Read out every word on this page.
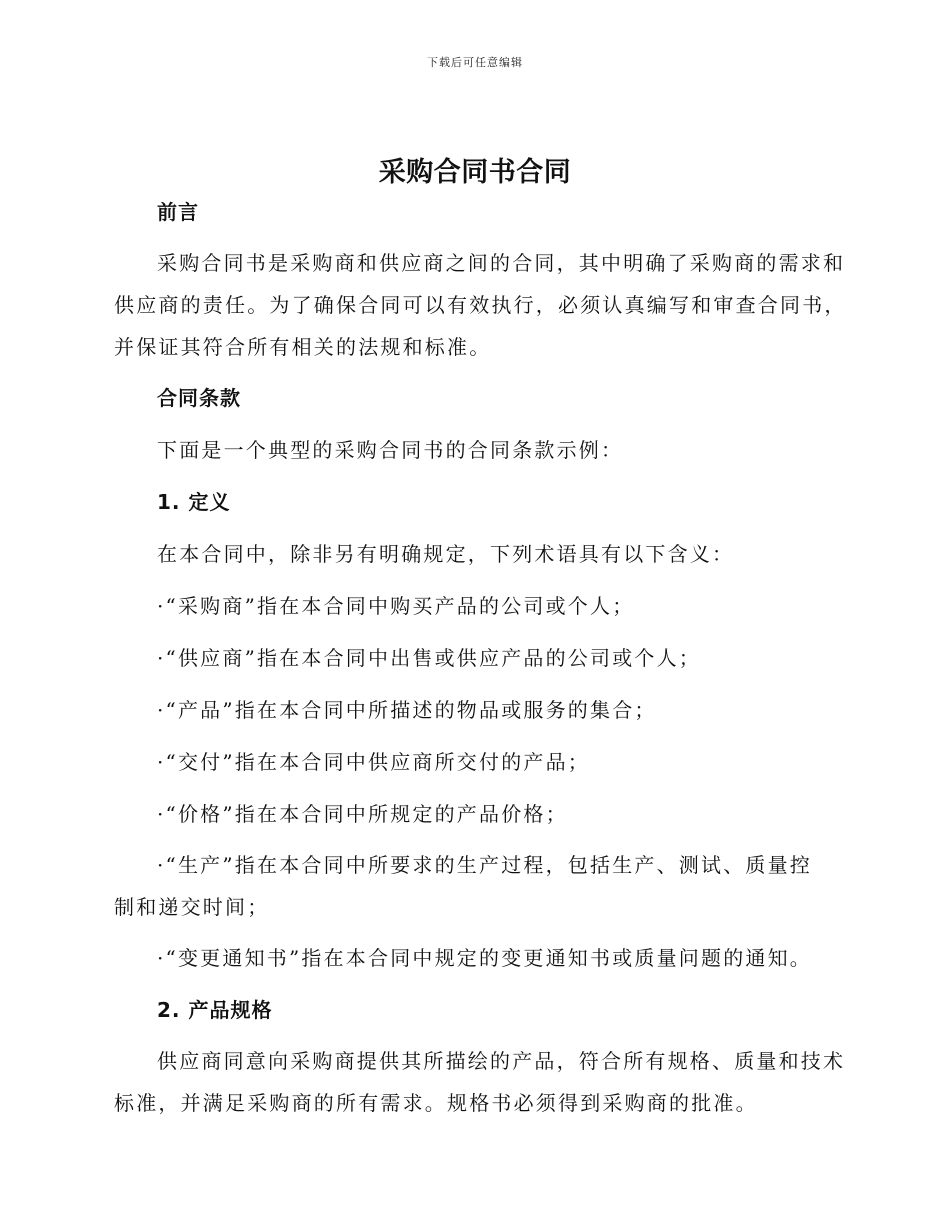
下载后可任意编辑
采购合同书合同
前言
采购合同书是采购商和供应商之间的合同，其中明确了采购商的需求和
供应商的责任。为了确保合同可以有效执行，必须认真编写和审查合同书，
并保证其符合所有相关的法规和标准。
合同条款
下面是一个典型的采购合同书的合同条款示例：
1. 定义
在本合同中，除非另有明确规定，下列术语具有以下含义：
·“采购商”指在本合同中购买产品的公司或个人；
·“供应商”指在本合同中出售或供应产品的公司或个人；
·“产品”指在本合同中所描述的物品或服务的集合；
·“交付”指在本合同中供应商所交付的产品；
·“价格”指在本合同中所规定的产品价格；
·“生产”指在本合同中所要求的生产过程，包括生产、测试、质量控
制和递交时间；
·“变更通知书”指在本合同中规定的变更通知书或质量问题的通知。
2. 产品规格
供应商同意向采购商提供其所描绘的产品，符合所有规格、质量和技术
标准，并满足采购商的所有需求。规格书必须得到采购商的批准。
